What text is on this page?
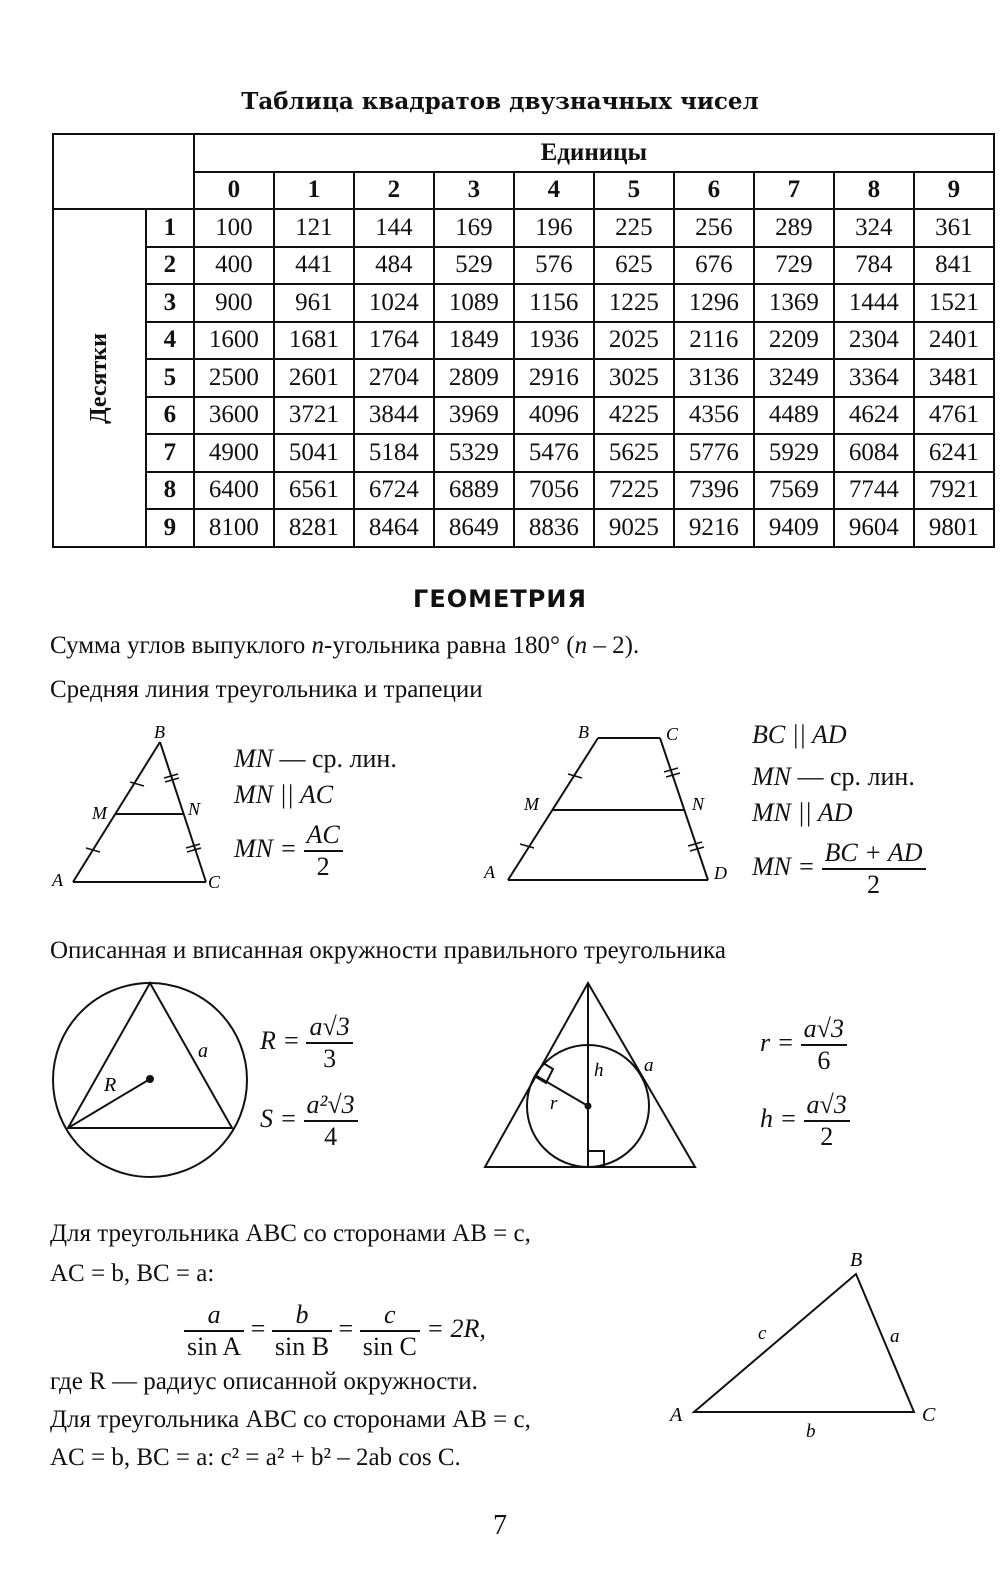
Таблица квадратов двузначных чисел
		Единицы									
		0	1	2	3	4	5	6	7	8	9
Десятки	1	100	121	144	169	196	225	256	289	324	361
	2	400	441	484	529	576	625	676	729	784	841
	3	900	961	1024	1089	1156	1225	1296	1369	1444	1521
	4	1600	1681	1764	1849	1936	2025	2116	2209	2304	2401
	5	2500	2601	2704	2809	2916	3025	3136	3249	3364	3481
	6	3600	3721	3844	3969	4096	4225	4356	4489	4624	4761
	7	4900	5041	5184	5329	5476	5625	5776	5929	6084	6241
	8	6400	6561	6724	6889	7056	7225	7396	7569	7744	7921
	9	8100	8281	8464	8649	8836	9025	9216	9409	9604	9801
ГЕОМЕТРИЯ
Сумма углов выпуклого n-угольника равна 180° (n – 2).
Средняя линия треугольника и трапеции
B
M	N
A	C
MN — ср. лин.
MN || AC
MN = $\frac{AC}{2}$
B	C
M	N
A	D
BC || AD
MN — ср. лин.
MN || AD
MN = $\frac{BC + AD}{2}$
Описанная и вписанная окружности правильного треугольника
R
a $R = \frac{a√3}{3}$
$S = \frac{\text{a²√3}}{4}$
h
r
a
$r = \frac{a√3}{6}$
$h = \frac{a√3}{2}$
Для треугольника ABC со сторонами AB = c,
AC = b, BC = a:
$\frac{a}{\text{sin A}} = \frac{b}{\text{sin B}} = \frac{c}{\text{sin C}} = 2R$,
где R — радиус описанной окружности.
Для треугольника ABC со сторонами AB = c,
AC = b, BC = a: c² = a² + b² – 2ab cos C.
B
A	C
a
b
c
7
